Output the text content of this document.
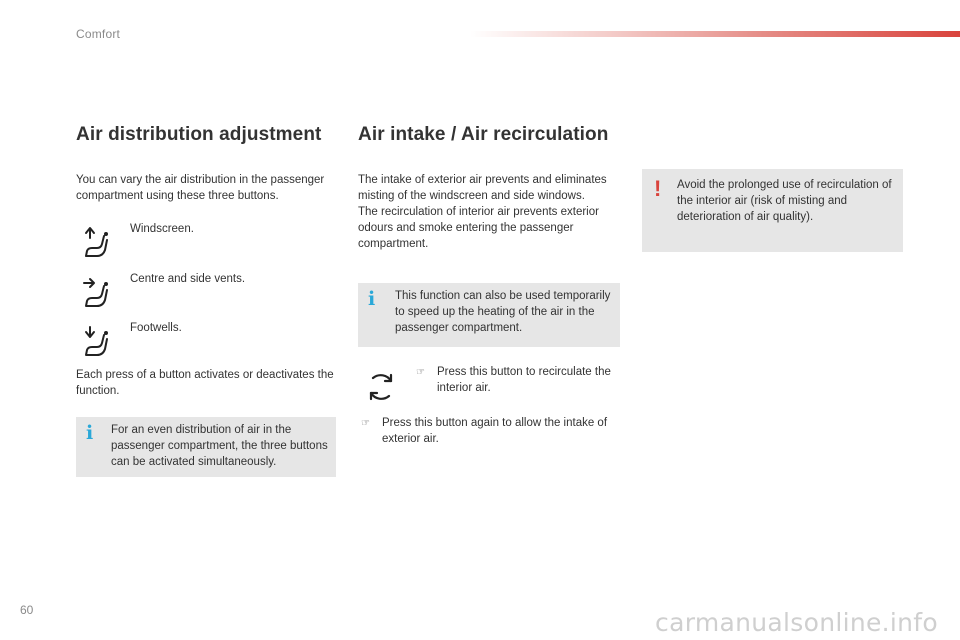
Comfort
Air distribution adjustment
You can vary the air distribution in the passenger compartment using these three buttons.
Windscreen.
Centre and side vents.
Footwells.
Each press of a button activates or deactivates the function.
i For an even distribution of air in the passenger compartment, the three buttons can be activated simultaneously.
Air intake / Air recirculation
The intake of exterior air prevents and eliminates misting of the windscreen and side windows.
The recirculation of interior air prevents exterior odours and smoke entering the passenger compartment.
i This function can also be used temporarily to speed up the heating of the air in the passenger compartment.
☞ Press this button to recirculate the interior air.
☞ Press this button again to allow the intake of exterior air.
! Avoid the prolonged use of recirculation of the interior air (risk of misting and deterioration of air quality).
60	carmanualsonline.info
